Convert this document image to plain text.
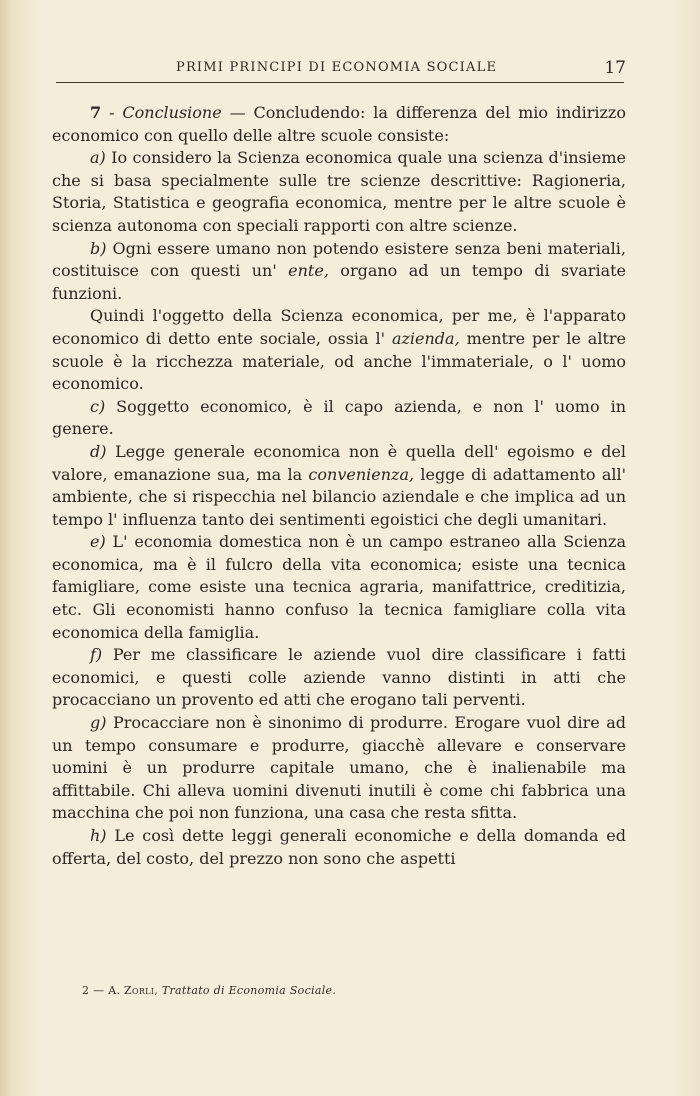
PRIMI PRINCIPI DI ECONOMIA SOCIALE	17

7 - Conclusione — Concludendo: la differenza del mio indirizzo economico con quello delle altre scuole consiste:

a) Io considero la Scienza economica quale una scienza d'insieme che si basa specialmente sulle tre scienze descrittive: Ragioneria, Storia, Statistica e geografia economica, mentre per le altre scuole è scienza autonoma con speciali rapporti con altre scienze.

b) Ogni essere umano non potendo esistere senza beni materiali, costituisce con questi un' ente, organo ad un tempo di svariate funzioni.

Quindi l'oggetto della Scienza economica, per me, è l'apparato economico di detto ente sociale, ossia l' azienda, mentre per le altre scuole è la ricchezza materiale, od anche l'immateriale, o l' uomo economico.

c) Soggetto economico, è il capo azienda, e non l' uomo in genere.

d) Legge generale economica non è quella dell' egoismo e del valore, emanazione sua, ma la convenienza, legge di adattamento all' ambiente, che si rispecchia nel bilancio aziendale e che implica ad un tempo l' influenza tanto dei sentimenti egoistici che degli umanitari.

e) L' economia domestica non è un campo estraneo alla Scienza economica, ma è il fulcro della vita economica; esiste una tecnica famigliare, come esiste una tecnica agraria, manifattrice, creditizia, etc. Gli economisti hanno confuso la tecnica famigliare colla vita economica della famiglia.

f) Per me classificare le aziende vuol dire classificare i fatti economici, e questi colle aziende vanno distinti in atti che procacciano un provento ed atti che erogano tali perventi.

g) Procacciare non è sinonimo di produrre. Erogare vuol dire ad un tempo consumare e produrre, giacchè allevare e conservare uomini è un produrre capitale umano, che è inalienabile ma affittabile. Chi alleva uomini divenuti inutili è come chi fabbrica una macchina che poi non funziona, una casa che resta sfitta.

h) Le così dette leggi generali economiche e della domanda ed offerta, del costo, del prezzo non sono che aspetti

2 — A. Zorli, Trattato di Economia Sociale.
